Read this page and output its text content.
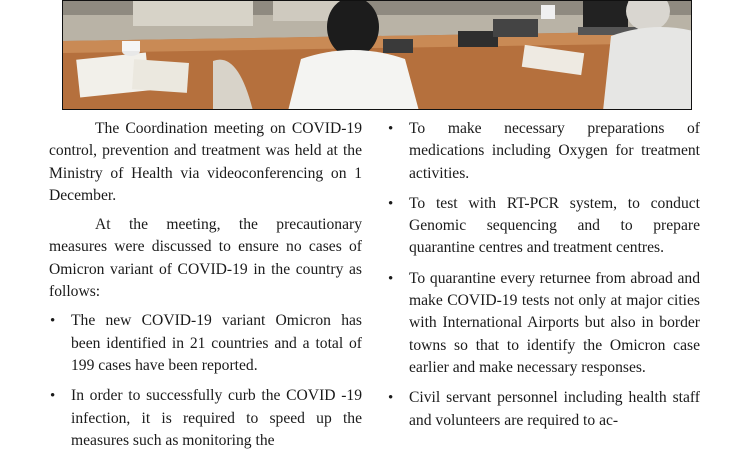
The Coordination meeting on COVID-19 control, prevention and treatment was held at the Ministry of Health via videoconferencing on 1 December.

At the meeting, the precautionary measures were discussed to ensure no cases of Omicron variant of COVID-19 in the country as follows:

• The new COVID-19 variant Omicron has been identified in 21 countries and a total of 199 cases have been reported.
• In order to successfully curb the COVID -19 infection, it is required to speed up the measures such as monitoring the
• To make necessary preparations of medications including Oxygen for treatment activities.
• To test with RT-PCR system, to conduct Genomic sequencing and to prepare quarantine centres and treatment centres.
• To quarantine every returnee from abroad and make COVID-19 tests not only at major cities with International Airports but also in border towns so that to identify the Omicron case earlier and make necessary responses.
• Civil servant personnel including health staff and volunteers are required to ac-
